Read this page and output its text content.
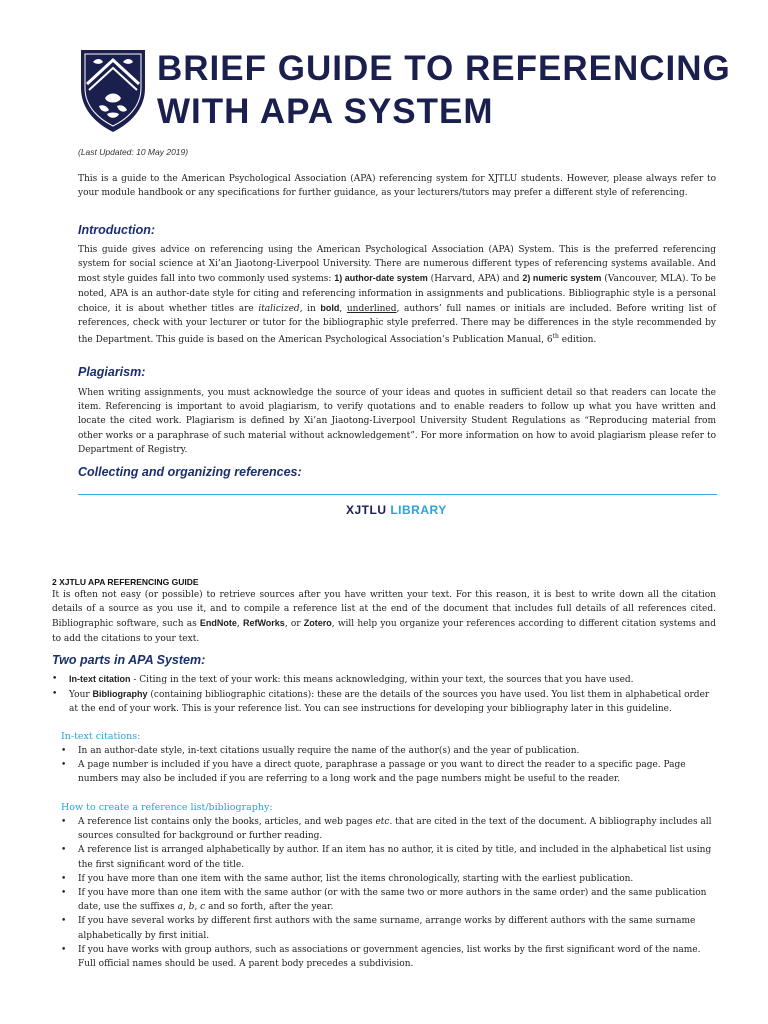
BRIEF GUIDE TO REFERENCING
WITH APA SYSTEM
(Last Updated: 10 May 2019)
This is a guide to the American Psychological Association (APA) referencing system for XJTLU students. However, please always refer to your module handbook or any specifications for further guidance, as your lecturers/tutors may prefer a different style of referencing.
Introduction:
This guide gives advice on referencing using the American Psychological Association (APA) System. This is the preferred referencing system for social science at Xi’an Jiaotong-Liverpool University. There are numerous different types of referencing systems available. And most style guides fall into two commonly used systems: 1) author-date system (Harvard, APA) and 2) numeric system (Vancouver, MLA). To be noted, APA is an author-date style for citing and referencing information in assignments and publications. Bibliographic style is a personal choice, it is about whether titles are italicized, in bold, underlined, authors’ full names or initials are included. Before writing list of references, check with your lecturer or tutor for the bibliographic style preferred. There may be differences in the style recommended by the Department. This guide is based on the American Psychological Association’s Publication Manual, 6th edition.
Plagiarism:
When writing assignments, you must acknowledge the source of your ideas and quotes in sufficient detail so that readers can locate the item. Referencing is important to avoid plagiarism, to verify quotations and to enable readers to follow up what you have written and locate the cited work. Plagiarism is defined by Xi’an Jiaotong-Liverpool University Student Regulations as “Reproducing material from other works or a paraphrase of such material without acknowledgement”. For more information on how to avoid plagiarism please refer to Department of Registry.
Collecting and organizing references:
XJTLU LIBRARY
2 XJTLU APA REFERENCING GUIDE
It is often not easy (or possible) to retrieve sources after you have written your text. For this reason, it is best to write down all the citation details of a source as you use it, and to compile a reference list at the end of the document that includes full details of all references cited. Bibliographic software, such as EndNote, RefWorks, or Zotero, will help you organize your references according to different citation systems and to add the citations to your text.
Two parts in APA System:
• In-text citation - Citing in the text of your work: this means acknowledging, within your text, the sources that you have used.
• Your Bibliography (containing bibliographic citations): these are the details of the sources you have used. You list them in alphabetical order at the end of your work. This is your reference list. You can see instructions for developing your bibliography later in this guideline.
In-text citations:
• In an author-date style, in-text citations usually require the name of the author(s) and the year of publication.
• A page number is included if you have a direct quote, paraphrase a passage or you want to direct the reader to a specific page. Page numbers may also be included if you are referring to a long work and the page numbers might be useful to the reader.
How to create a reference list/bibliography:
• A reference list contains only the books, articles, and web pages etc. that are cited in the text of the document. A bibliography includes all sources consulted for background or further reading.
• A reference list is arranged alphabetically by author. If an item has no author, it is cited by title, and included in the alphabetical list using the first significant word of the title.
• If you have more than one item with the same author, list the items chronologically, starting with the earliest publication.
• If you have more than one item with the same author (or with the same two or more authors in the same order) and the same publication date, use the suffixes a, b, c and so forth, after the year.
• If you have several works by different first authors with the same surname, arrange works by different authors with the same surname alphabetically by first initial.
• If you have works with group authors, such as associations or government agencies, list works by the first significant word of the name. Full official names should be used. A parent body precedes a subdivision.
